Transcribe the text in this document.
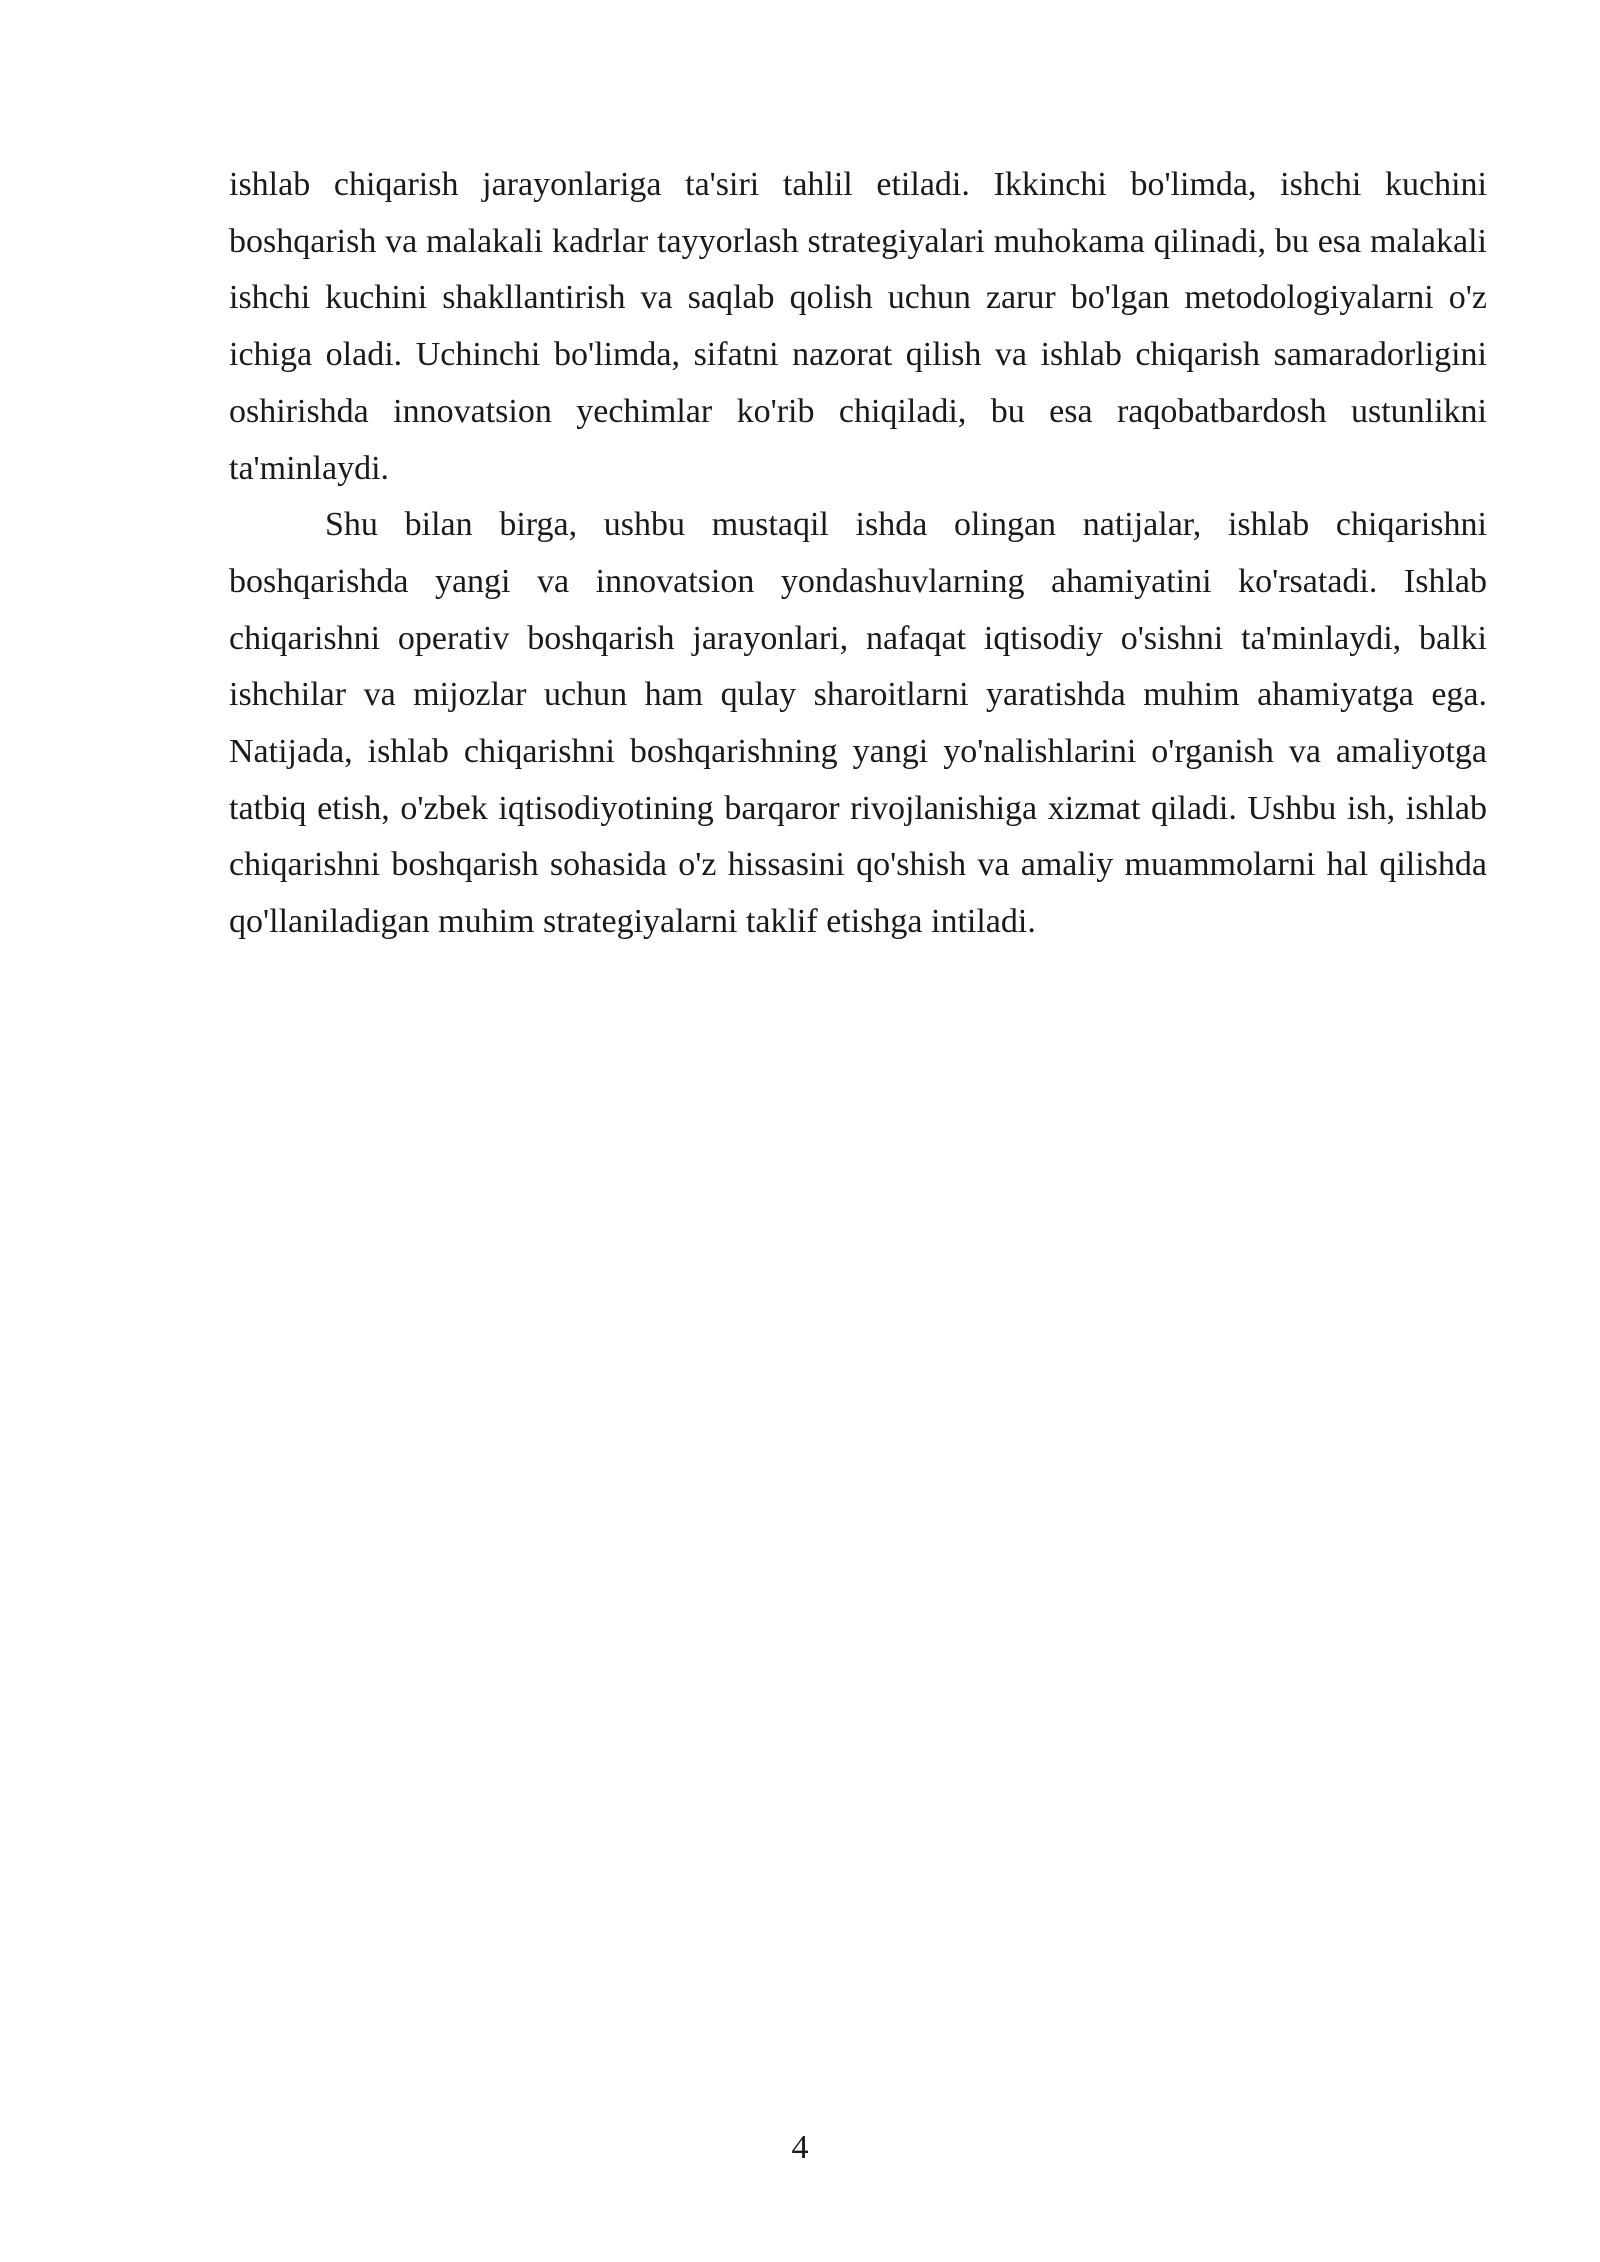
ishlab chiqarish jarayonlariga ta'siri tahlil etiladi. Ikkinchi bo'limda, ishchi kuchini boshqarish va malakali kadrlar tayyorlash strategiyalari muhokama qilinadi, bu esa malakali ishchi kuchini shakllantirish va saqlab qolish uchun zarur bo'lgan metodologiyalarni o'z ichiga oladi. Uchinchi bo'limda, sifatni nazorat qilish va ishlab chiqarish samaradorligini oshirishda innovatsion yechimlar ko'rib chiqiladi, bu esa raqobatbardosh ustunlikni ta'minlaydi.

Shu bilan birga, ushbu mustaqil ishda olingan natijalar, ishlab chiqarishni boshqarishda yangi va innovatsion yondashuvlarning ahamiyatini ko'rsatadi. Ishlab chiqarishni operativ boshqarish jarayonlari, nafaqat iqtisodiy o'sishni ta'minlaydi, balki ishchilar va mijozlar uchun ham qulay sharoitlarni yaratishda muhim ahamiyatga ega. Natijada, ishlab chiqarishni boshqarishning yangi yo'nalishlarini o'rganish va amaliyotga tatbiq etish, o'zbek iqtisodiyotining barqaror rivojlanishiga xizmat qiladi. Ushbu ish, ishlab chiqarishni boshqarish sohasida o'z hissasini qo'shish va amaliy muammolarni hal qilishda qo'llaniladigan muhim strategiyalarni taklif etishga intiladi.

4
